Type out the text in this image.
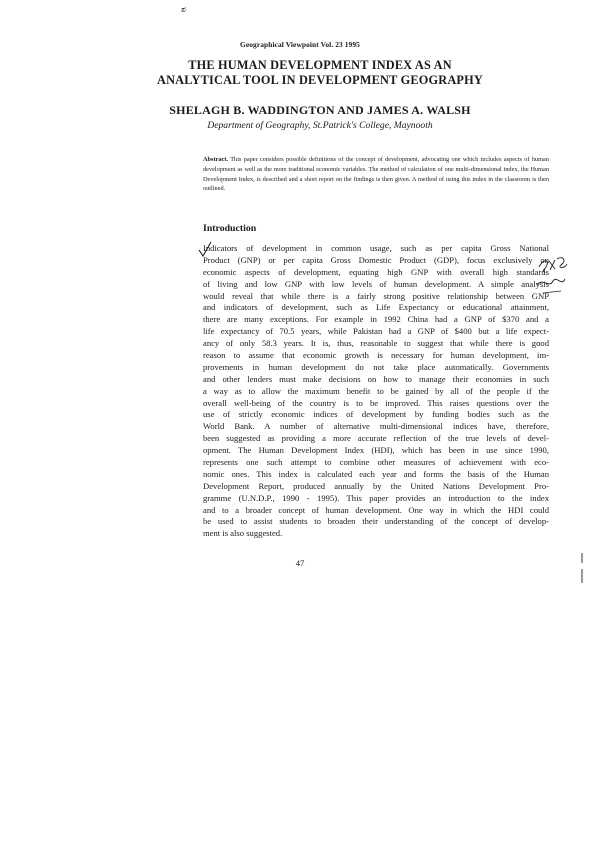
ಶ
Geographical Viewpoint Vol. 23 1995
THE HUMAN DEVELOPMENT INDEX AS AN
ANALYTICAL TOOL IN DEVELOPMENT GEOGRAPHY
SHELAGH B. WADDINGTON AND JAMES A. WALSH
Department of Geography, St.Patrick's College, Maynooth
Abstract. This paper considers possible definitions of the concept of development, advocating one which includes aspects of human development as well as the more traditional economic variables. The method of calculation of one multi-dimensional index, the Human Development Index, is described and a short report on the findings is then given. A method of using this index in the classroom is then outlined.
Introduction
Indicators of development in common usage, such as per capita Gross National
Product (GNP) or per capita Gross Domestic Product (GDP), focus exclusively on
economic aspects of development, equating high GNP with overall high standards
of living and low GNP with low levels of human development. A simple analysis
would reveal that while there is a fairly strong positive relationship between GNP
and indicators of development, such as Life Expectancy or educational attainment,
there are many exceptions. For example in 1992 China had a GNP of $370 and a
life expectancy of 70.5 years, while Pakistan had a GNP of $400 but a life expect-
ancy of only 58.3 years. It is, thus, reasonable to suggest that while there is good
reason to assume that economic growth is necessary for human development, im-
provements in human development do not take place automatically. Governments
and other lenders must make decisions on how to manage their economies in such
a way as to allow the maximum benefit to be gained by all of the people if the
overall well-being of the country is to be improved. This raises questions over the
use of strictly economic indices of development by funding bodies such as the
World Bank. A number of alternative multi-dimensional indices have, therefore,
been suggested as providing a more accurate reflection of the true levels of devel-
opment. The Human Development Index (HDI), which has been in use since 1990,
represents one such attempt to combine other measures of achievement with eco-
nomic ones. This index is calculated each year and forms the basis of the Human
Development Report, produced annually by the United Nations Development Pro-
gramme (U.N.D.P., 1990 - 1995). This paper provides an introduction to the index
and to a broader concept of human development. One way in which the HDI could
be used to assist students to broaden their understanding of the concept of develop-
ment is also suggested.
47
